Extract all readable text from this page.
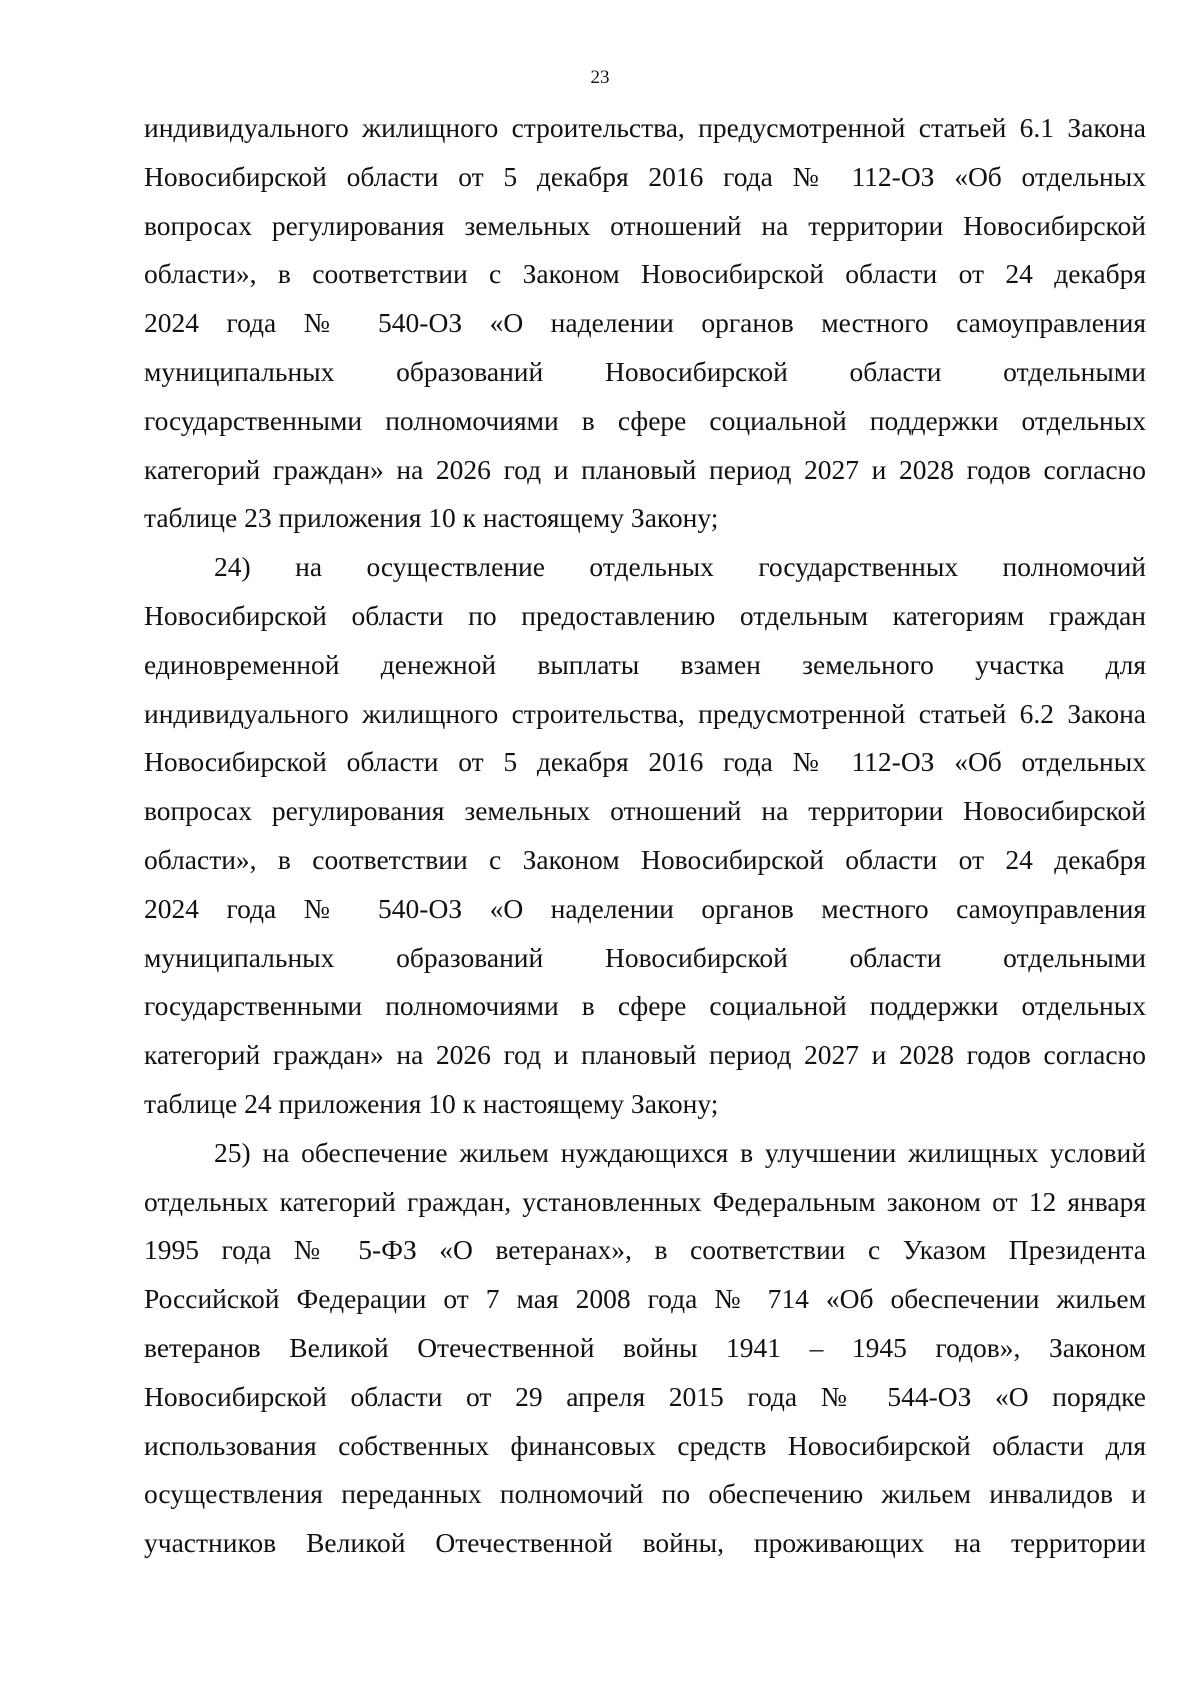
23

индивидуального жилищного строительства, предусмотренной статьей 6.1 Закона
Новосибирской области от 5 декабря 2016 года № 112-ОЗ «Об отдельных
вопросах регулирования земельных отношений на территории Новосибирской
области», в соответствии с Законом Новосибирской области от 24 декабря
2024 года № 540-ОЗ «О наделении органов местного самоуправления
муниципальных образований Новосибирской области отдельными
государственными полномочиями в сфере социальной поддержки отдельных
категорий граждан» на 2026 год и плановый период 2027 и 2028 годов согласно
таблице 23 приложения 10 к настоящему Закону;

24) на осуществление отдельных государственных полномочий
Новосибирской области по предоставлению отдельным категориям граждан
единовременной денежной выплаты взамен земельного участка для
индивидуального жилищного строительства, предусмотренной статьей 6.2 Закона
Новосибирской области от 5 декабря 2016 года № 112-ОЗ «Об отдельных
вопросах регулирования земельных отношений на территории Новосибирской
области», в соответствии с Законом Новосибирской области от 24 декабря
2024 года № 540-ОЗ «О наделении органов местного самоуправления
муниципальных образований Новосибирской области отдельными
государственными полномочиями в сфере социальной поддержки отдельных
категорий граждан» на 2026 год и плановый период 2027 и 2028 годов согласно
таблице 24 приложения 10 к настоящему Закону;

25) на обеспечение жильем нуждающихся в улучшении жилищных условий
отдельных категорий граждан, установленных Федеральным законом от 12 января
1995 года № 5-ФЗ «О ветеранах», в соответствии с Указом Президента
Российской Федерации от 7 мая 2008 года № 714 «Об обеспечении жильем
ветеранов Великой Отечественной войны 1941 – 1945 годов», Законом
Новосибирской области от 29 апреля 2015 года № 544-ОЗ «О порядке
использования собственных финансовых средств Новосибирской области для
осуществления переданных полномочий по обеспечению жильем инвалидов и
участников Великой Отечественной войны, проживающих на территории
